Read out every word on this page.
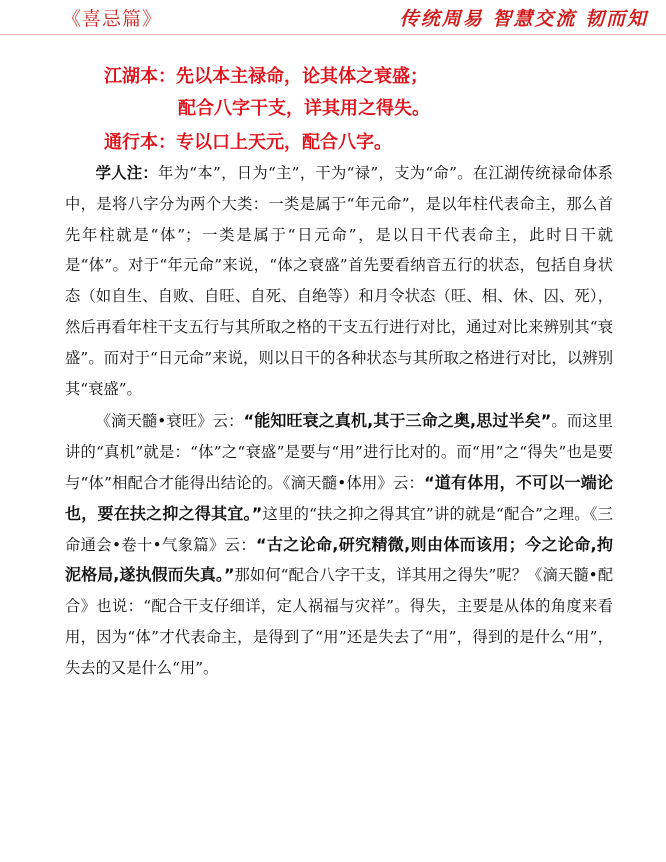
《喜忌篇》	传统周易 智慧交流 韧而知
江湖本：先以本主禄命，论其体之衰盛；
配合八字干支，详其用之得失。
通行本：专以口上天元，配合八字。

学人注：年为“本”，日为“主”，干为“禄”，支为“命”。在江湖传统禄命体系中，是将八字分为两个大类：一类是属于“年元命”，是以年柱代表命主，那么首先年柱就是“体”；一类是属于“日元命”，是以日干代表命主，此时日干就是“体”。对于“年元命”来说，“体之衰盛”首先要看纳音五行的状态，包括自身状态（如自生、自败、自旺、自死、自绝等）和月令状态（旺、相、休、囚、死），然后再看年柱干支五行与其所取之格的干支五行进行对比，通过对比来辨别其“衰盛”。而对于“日元命”来说，则以日干的各种状态与其所取之格进行对比，以辨别其“衰盛”。

《滴天髓•衰旺》云：“能知旺衰之真机,其于三命之奥,思过半矣”。而这里讲的“真机”就是：“体”之“衰盛”是要与“用”进行比对的。而“用”之“得失”也是要与“体”相配合才能得出结论的。《滴天髓•体用》云：“道有体用，不可以一端论也，要在扶之抑之得其宜。”这里的“扶之抑之得其宜”讲的就是“配合”之理。《三命通会•卷十•气象篇》云：“古之论命,研究精微,则由体而该用；今之论命,拘泥格局,遂执假而失真。”那如何“配合八字干支，详其用之得失”呢？《滴天髓•配合》也说：“配合干支仔细详，定人祸福与灾祥”。得失，主要是从体的角度来看用，因为“体”才代表命主，是得到了“用”还是失去了“用”，得到的是什么“用”，失去的又是什么“用”。
